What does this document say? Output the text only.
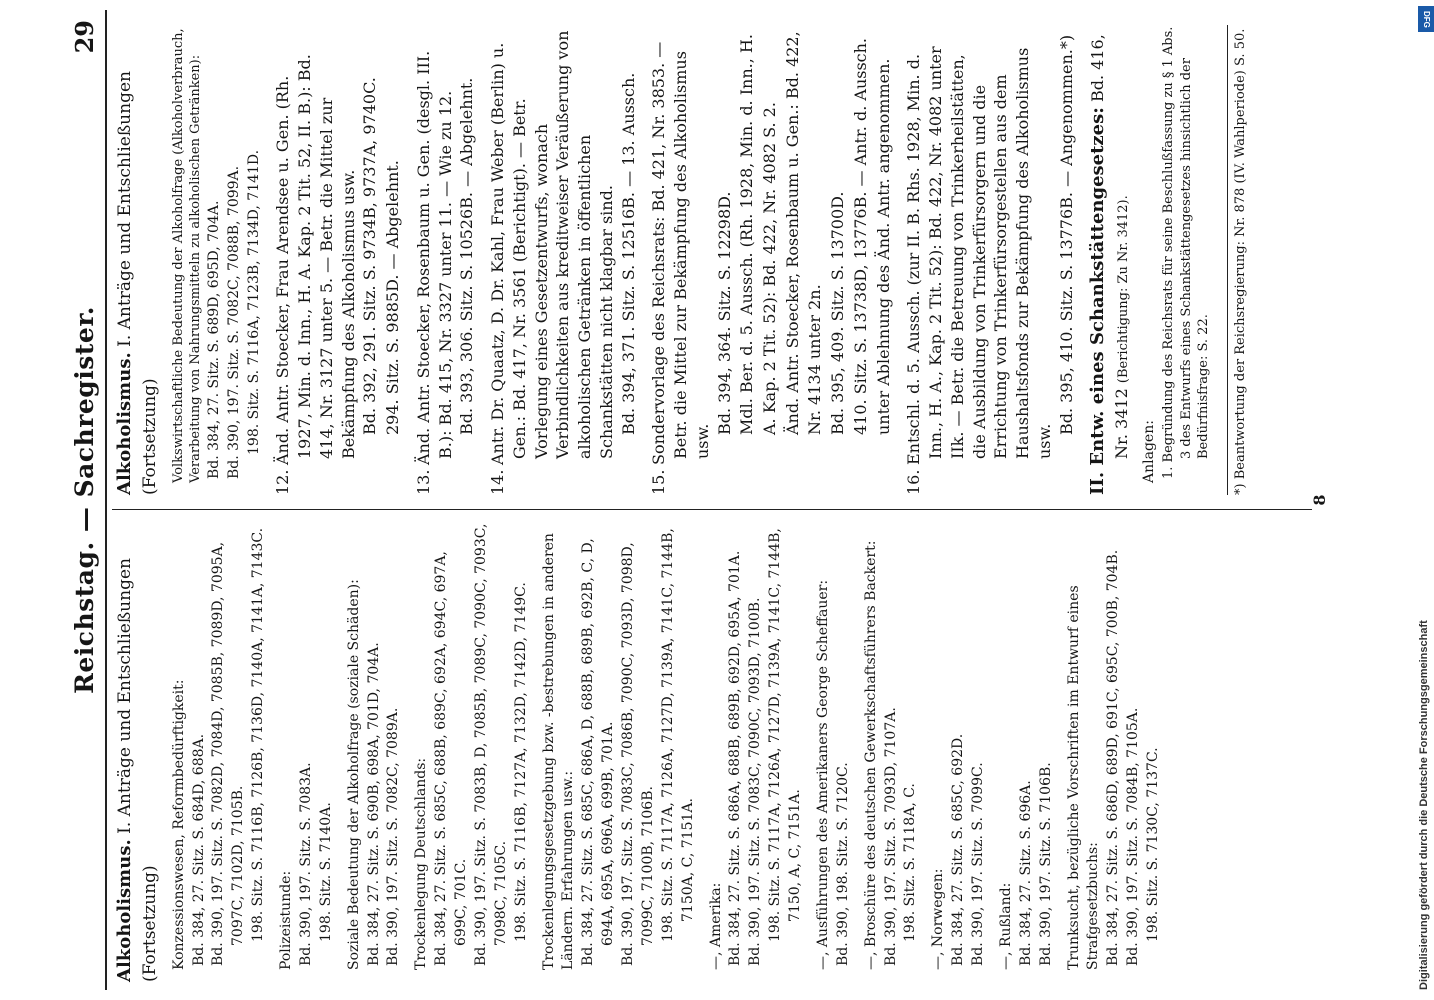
Reichstag. — Sachregister.
29
Alkoholismus. I. Anträge und Entschließungen (Fortsetzung) Konzessionswesen, Reformbedürftigkeit: Bd. 384, 27. Sitz. S. 684D, 688A. Bd. 390, 197. Sitz. S. 7082D, 7084D, 7085B, 7089D, 7095A, 7097C, 7102D, 7105B. 198. Sitz. S. 7116B, 7126B, 7136D, 7140A, 7141A, 7143C. Polizeistunde: Bd. 390, 197. Sitz. S. 7083A. 198. Sitz. S. 7140A. Soziale Bedeutung der Alkoholfrage (soziale Schäden): Bd. 384, 27. Sitz. S. 690B, 698A, 701D, 704A. Bd. 390, 197. Sitz. S. 7082C, 7089A. Trockenlegung Deutschlands: Bd. 384, 27. Sitz. S. 685C, 688B, 689C, 692A, 694C, 697A, 699C, 701C. Bd. 390, 197. Sitz. S. 7083B, D, 7085B, 7089C, 7090C, 7093C, 7098C, 7105C. 198. Sitz. S. 7116B, 7127A, 7132D, 7142D, 7149C. Trockenlegungsgesetzgebung bzw. -bestrebungen in anderen Ländern. Erfahrungen usw.: Bd. 384, 27. Sitz. S. 685C, 686A, D, 688B, 689B, 692B, C, D, 694A, 695A, 696A, 699B, 701A. Bd. 390, 197. Sitz. S. 7083C, 7086B, 7090C, 7093D, 7098D, 7099C, 7100B, 7106B. 198. Sitz. S. 7117A, 7126A, 7127D, 7139A, 7141C, 7144B, 7150A, C, 7151A.
—, Amerika: Bd. 384, 27. Sitz. S. 686A, 688B, 689B, 692D, 695A, 701A. Bd. 390, 197. Sitz. S. 7083C, 7090C, 7093D, 7100B. 198. Sitz. S. 7117A, 7126A, 7127D, 7139A, 7141C, 7144B, 7150, A, C, 7151A. —, Ausführungen des Amerikaners George Scheffauer: Bd. 390, 198. Sitz. S. 7120C. —, Broschüre des deutschen Gewerkschaftsführers Backert: Bd. 390, 197. Sitz. S. 7093D, 7107A. 198. Sitz. S. 7118A, C. —, Norwegen: Bd. 384, 27. Sitz. S. 685C, 692D. Bd. 390, 197. Sitz. S. 7099C. —, Rußland: Bd. 384, 27. Sitz. S. 696A. Bd. 390, 197. Sitz. S. 7106B. Trunksucht, bezügliche Vorschriften im Entwurf eines Strafgesetzbuchs: Bd. 384, 27. Sitz. S. 686D, 689D, 691C, 695C, 700B, 704B. Bd. 390, 197. Sitz. S. 7084B, 7105A. 198. Sitz. S. 7130C, 7137C.
Alkoholismus. I. Anträge und Entschließungen (Fortsetzung) Volkswirtschaftliche Bedeutung der Alkoholfrage (Alkoholverbrauch, Verarbeitung von Nahrungsmitteln zu alkoholischen Getränken): Bd. 384, 27. Sitz. S. 689D, 695D, 704A. Bd. 390, 197. Sitz. S. 7082C, 7088B, 7099A. 198. Sitz. S. 7116A, 7123B, 7134D, 7141D.
12.Änd. Antr. Stoecker, Frau Arendsee u. Gen. (Rh. 1927, Min. d. Inn., H. A. Kap. 2 Tit. 52, II. B.): Bd. 414, Nr. 3127 unter 5. — Betr. die Mittel zur Bekämpfung des Alkoholismus usw. Bd. 392, 291. Sitz. S. 9734B, 9737A, 9740C. 294. Sitz. S. 9885D. — Abgelehnt.
13.Änd. Antr. Stoecker, Rosenbaum u. Gen. (desgl. III. B.): Bd. 415, Nr. 3327 unter 11. — Wie zu 12. Bd. 393, 306. Sitz. S. 10526B. — Abgelehnt.
14.Antr. Dr. Quaatz, D. Dr. Kahl, Frau Weber (Berlin) u. Gen.: Bd. 417, Nr. 3561 (Berichtigt). — Betr. Vorlegung eines Gesetzentwurfs, wonach Verbindlichkeiten aus kreditweiser Veräußerung von alkoholischen Getränken in öffentlichen Schankstätten nicht klagbar sind. Bd. 394, 371. Sitz. S. 12516B. — 13. Aussch.
15.Sondervorlage des Reichsrats: Bd. 421, Nr. 3853. — Betr. die Mittel zur Bekämpfung des Alkoholismus usw.
Bd. 394, 364. Sitz. S. 12298D. Mdl. Ber. d. 5. Aussch. (Rh. 1928, Min. d. Inn., H. A. Kap. 2 Tit. 52): Bd. 422, Nr. 4082 S. 2. Änd. Antr. Stoecker, Rosenbaum u. Gen.: Bd. 422, Nr. 4134 unter 2n. Bd. 395, 409. Sitz. S. 13700D. 410. Sitz. S. 13738D, 13776B. — Antr. d. Aussch. unter Ablehnung des Änd. Antr. angenommen.
16.Entschl. d. 5. Aussch. (zur II. B. Rhs. 1928, Min. d. Inn., H. A., Kap. 2 Tit. 52): Bd. 422, Nr. 4082 unter IIk. — Betr. die Betreuung von Trinkerheilstätten, die Ausbildung von Trinkerfürsorgern und die Errichtung von Trinkerfürsorgestellen aus dem Haushaltsfonds zur Bekämpfung des Alkoholismus usw.
Bd. 395, 410. Sitz. S. 13776B. — Angenommen.*) II. Entw. eines Schankstättengesetzes: Bd. 416, Nr. 3412 (Berichtigung: Zu Nr. 3412).
Anlagen: 1. Begründung des Reichsrats für seine Beschlußfassung zu § 1 Abs. 3 des Entwurfs eines Schankstättengesetzes hinsichtlich der Bedürfnisfrage: S. 22.	*) Beantwortung der Reichsregierung: Nr. 878 (IV. Wahlperiode) S. 50.
8
DFG
Digitalisierung gefördert durch die Deutsche Forschungsgemeinschaft
